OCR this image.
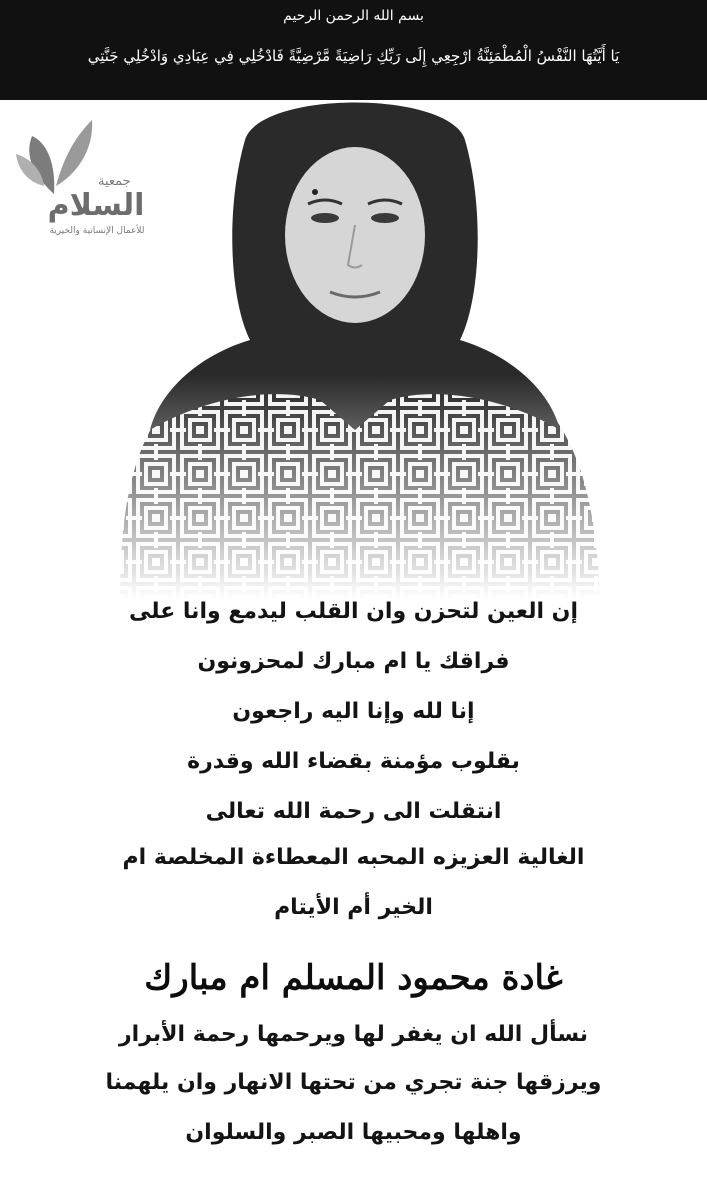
بسم الله الرحمن الرحيم
يَا أَيَّتُهَا النَّفْسُ الْمُطْمَئِنَّةُ ارْجِعِي إِلَى رَبِّكِ رَاضِيَةً مَّرْضِيَّةً فَادْخُلِي فِي عِبَادِي وَادْخُلِي جَنَّتِي
جمعية
السلام
للأعمال الإنسانية والخيرية
إن العين لتحزن وان القلب ليدمع وانا على
فراقك يا ام مبارك لمحزونون
إنا لله وإنا اليه راجعون
بقلوب مؤمنة بقضاء الله وقدرة
انتقلت الى رحمة الله تعالى
الغالية العزيزه المحبه المعطاءة المخلصة ام
الخير أم الأيتام
غادة محمود المسلم ام مبارك
نسأل الله ان يغفر لها ويرحمها رحمة الأبرار
ويرزقها جنة تجري من تحتها الانهار وان يلهمنا
واهلها ومحبيها الصبر والسلوان
